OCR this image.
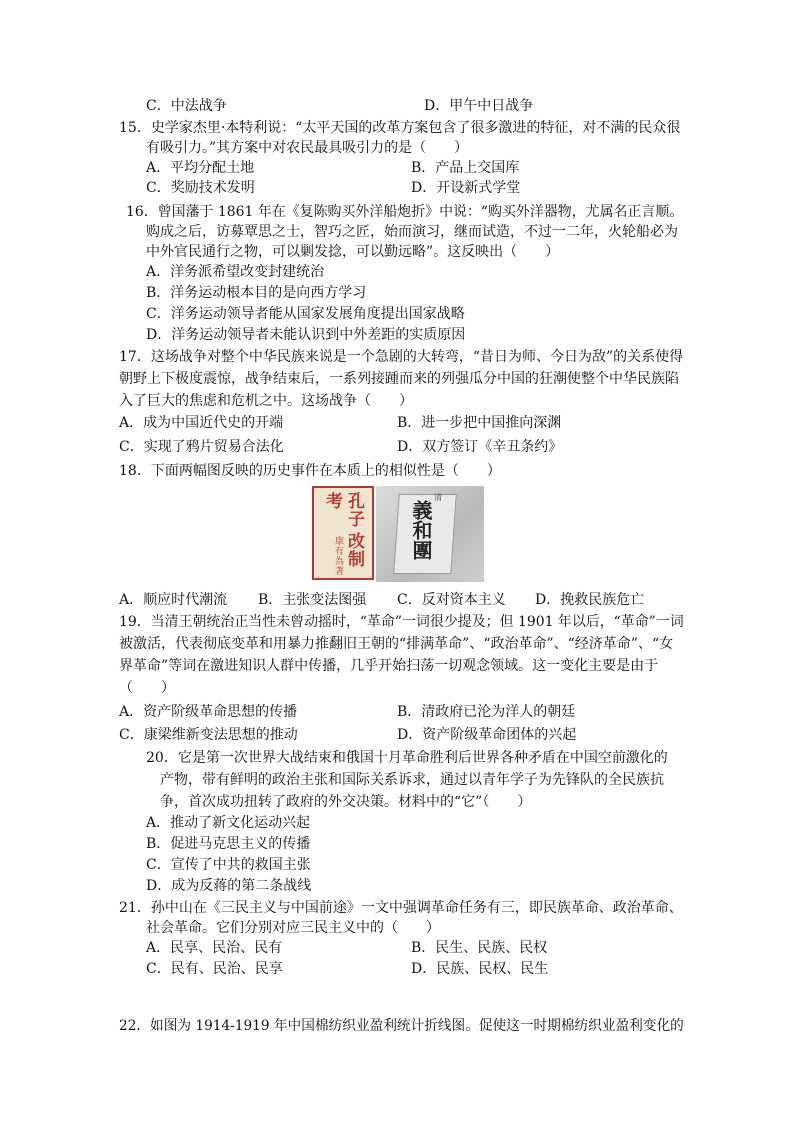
C．中法战争	D．甲午中日战争
15．史学家杰里·本特利说：“太平天国的改革方案包含了很多激进的特征，对不满的民众很
有吸引力。”其方案中对农民最具吸引力的是（　　）
A．平均分配土地	B．产品上交国库
C．奖励技术发明	D．开设新式学堂
16．曾国藩于 1861 年在《复陈购买外洋船炮折》中说：“购买外洋器物，尤属名正言顺。
购成之后，访募覃思之士，智巧之匠，始而演习，继而试造，不过一二年，火轮船必为
中外官民通行之物，可以剿发捻，可以勤远略”。这反映出（　　）
A．洋务派希望改变封建统治
B．洋务运动根本目的是向西方学习
C．洋务运动领导者能从国家发展角度提出国家战略
D．洋务运动领导者未能认识到中外差距的实质原因
17．这场战争对整个中华民族来说是一个急剧的大转弯，“昔日为师、今日为敌”的关系使得
朝野上下极度震惊，战争结束后，一系列接踵而来的列强瓜分中国的狂潮使整个中华民族陷
入了巨大的焦虑和危机之中。这场战争（　　）
A．成为中国近代史的开端	B．进一步把中国推向深渊
C．实现了鸦片贸易合法化	D．双方签订《辛丑条约》
18．下面两幅图反映的历史事件在本质上的相似性是（　　）
孔子
考
改制
康有為著	義和團
清
A．顺应时代潮流 B．主张变法图强 C．反对资本主义 D．挽救民族危亡
19．当清王朝统治正当性未曾动摇时，“革命”一词很少提及；但 1901 年以后，“革命”一词
被激活，代表彻底变革和用暴力推翻旧王朝的“排满革命”、“政治革命”、“经济革命”、“女
界革命”等词在激进知识人群中传播，几乎开始扫荡一切观念领域。这一变化主要是由于
（　　）
A．资产阶级革命思想的传播	B．清政府已沦为洋人的朝廷
C．康梁维新变法思想的推动	D．资产阶级革命团体的兴起
20．它是第一次世界大战结束和俄国十月革命胜利后世界各种矛盾在中国空前激化的
产物，带有鲜明的政治主张和国际关系诉求，通过以青年学子为先锋队的全民族抗
争，首次成功扭转了政府的外交决策。材料中的“它”（　　）
A．推动了新文化运动兴起
B．促进马克思主义的传播
C．宣传了中共的救国主张
D．成为反蒋的第二条战线
21．孙中山在《三民主义与中国前途》一文中强调革命任务有三，即民族革命、政治革命、
社会革命。它们分别对应三民主义中的（　　）
A．民享、民治、民有	B．民生、民族、民权
C．民有、民治、民享	D．民族、民权、民生
22．如图为 1914-1919 年中国棉纺织业盈利统计折线图。促使这一时期棉纺织业盈利变化的
